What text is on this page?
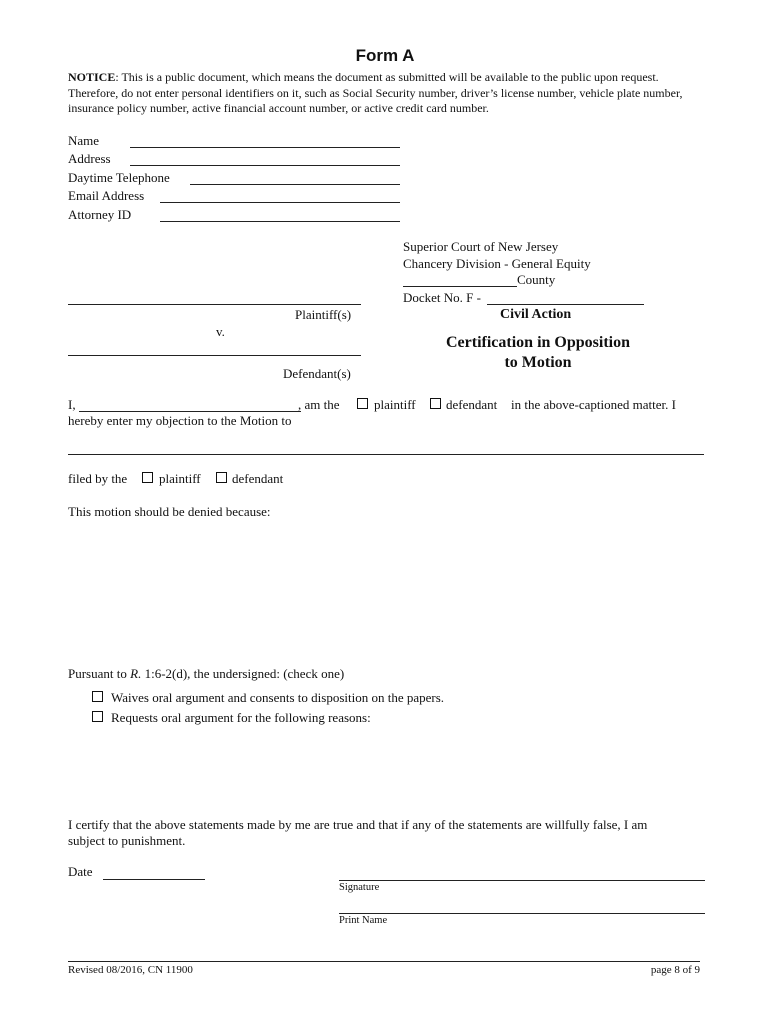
Form A
NOTICE: This is a public document, which means the document as submitted will be available to the public upon request. Therefore, do not enter personal identifiers on it, such as Social Security number, driver’s license number, vehicle plate number, insurance policy number, active financial account number, or active credit card number.
Name
Address
Daytime Telephone
Email Address
Attorney ID
Superior Court of New Jersey
Chancery Division - General Equity
County
Docket No. F -
Civil Action
Plaintiff(s)
v.
Defendant(s)
Certification in Opposition
to Motion
I,	, am the	plaintiff defendant in the above-captioned matter. I
hereby enter my objection to the Motion to
filed by the plaintiff defendant
This motion should be denied because:
Pursuant to R. 1:6-2(d), the undersigned: (check one)
Waives oral argument and consents to disposition on the papers.
Requests oral argument for the following reasons:
I certify that the above statements made by me are true and that if any of the statements are willfully false, I am
subject to punishment.
Date
Signature
Print Name
Revised 08/2016, CN 11900	page 8 of 9
